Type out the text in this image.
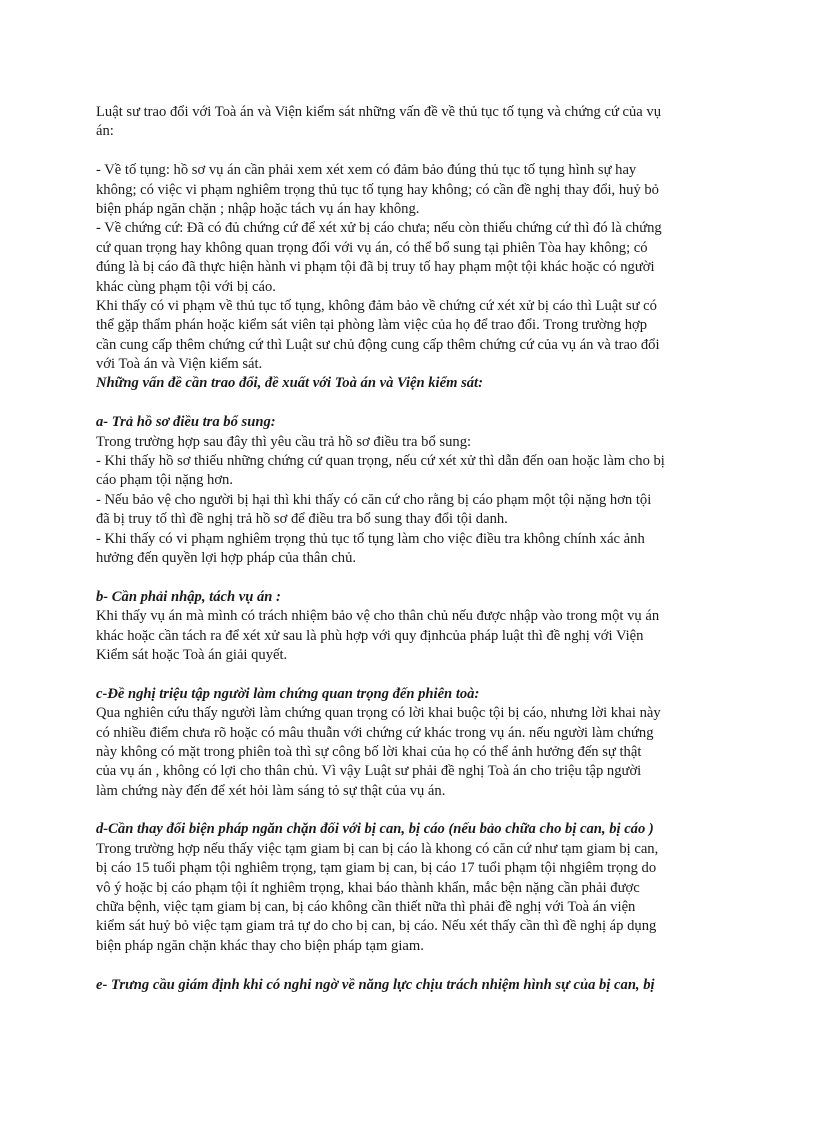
Luật sư trao đổi với Toà án và Viện kiểm sát những vấn đề về thủ tục tố tụng và chứng cứ của vụ
án:
- Về tố tụng: hồ sơ vụ án cần phải xem xét xem có đảm bảo đúng thủ tục tố tụng hình sự hay
không; có việc vi phạm nghiêm trọng thủ tục tố tụng hay không; có cần đề nghị thay đổi, huỷ bỏ
biện pháp ngăn chặn ; nhập hoặc tách vụ án hay không.
- Về chứng cứ: Đã có đủ chứng cứ để xét xử bị cáo chưa; nếu còn thiếu chứng cứ thì đó là chứng
cứ quan trọng hay không quan trọng đối với vụ án, có thể bổ sung tại phiên Tòa hay không; có
đúng là bị cáo đã thực hiện hành vi phạm tội đã bị truy tố hay phạm một tội khác hoặc có người
khác cùng phạm tội với bị cáo.
Khi thấy có vi phạm về thủ tục tố tụng, không đảm bảo về chứng cứ xét xử bị cáo thì Luật sư có
thể gặp thẩm phán hoặc kiểm sát viên tại phòng làm việc của họ để trao đổi. Trong trường hợp
cần cung cấp thêm chứng cứ thì Luật sư chủ động cung cấp thêm chứng cứ của vụ án và trao đổi
với Toà án và Viện kiểm sát.
Những vấn đề cần trao đổi, đề xuất với Toà án và Viện kiểm sát:
a- Trả hồ sơ điều tra bổ sung:
Trong trường hợp sau đây thì yêu cầu trả hồ sơ điều tra bổ sung:
- Khi thấy hồ sơ thiếu những chứng cứ quan trọng, nếu cứ xét xử thì dẫn đến oan hoặc làm cho bị
cáo phạm tội nặng hơn.
- Nếu bảo vệ cho người bị hại thì khi thấy có căn cứ cho rằng bị cáo phạm một tội nặng hơn tội
đã bị truy tố thì đề nghị trả hồ sơ để điều tra bổ sung thay đổi tội danh.
- Khi thấy có vi phạm nghiêm trọng thủ tục tố tụng làm cho việc điều tra không chính xác ảnh
hưởng đến quyền lợi hợp pháp của thân chủ.
b- Cần phải nhập, tách vụ án :
Khi thấy vụ án mà mình có trách nhiệm bảo vệ cho thân chủ nếu được nhập vào trong một vụ án
khác hoặc cần tách ra để xét xử sau là phù hợp với quy địnhcủa pháp luật thì đề nghị với Viện
Kiểm sát hoặc Toà án giải quyết.
c-Đề nghị triệu tập người làm chứng quan trọng đến phiên toà:
Qua nghiên cứu thấy người làm chứng quan trọng có lời khai buộc tội bị cáo, nhưng lời khai này
có nhiều điểm chưa rõ hoặc có mâu thuẫn với chứng cứ khác trong vụ án. nếu người làm chứng
này không có mặt trong phiên toà thì sự công bố lời khai của họ có thể ảnh hưởng đến sự thật
của vụ án , không có lợi cho thân chủ. Vì vậy Luật sư phải đề nghị Toà án cho triệu tập người
làm chứng này đến để xét hỏi làm sáng tỏ sự thật của vụ án.
d-Cần thay đổi biện pháp ngăn chặn đối với bị can, bị cáo (nếu bảo chữa cho bị can, bị cáo )
Trong trường hợp nếu thấy việc tạm giam bị can bị cáo là khong có căn cứ như tạm giam bị can,
bị cáo 15 tuổi phạm tội nghiêm trọng, tạm giam bị can, bị cáo 17 tuổi phạm tội nhgiêm trọng do
vô ý hoặc bị cáo phạm tội ít nghiêm trọng, khai báo thành khẩn, mắc bện nặng cần phải được
chữa bệnh, việc tạm giam bị can, bị cáo không cần thiết nữa thì phải đề nghị với Toà án viện
kiểm sát huỷ bỏ việc tạm giam trả tự do cho bị can, bị cáo. Nếu xét thấy cần thì đề nghị áp dụng
biện pháp ngăn chặn khác thay cho biện pháp tạm giam.
e- Trưng cầu giám định khi có nghi ngờ về năng lực chịu trách nhiệm hình sự của bị can, bị
